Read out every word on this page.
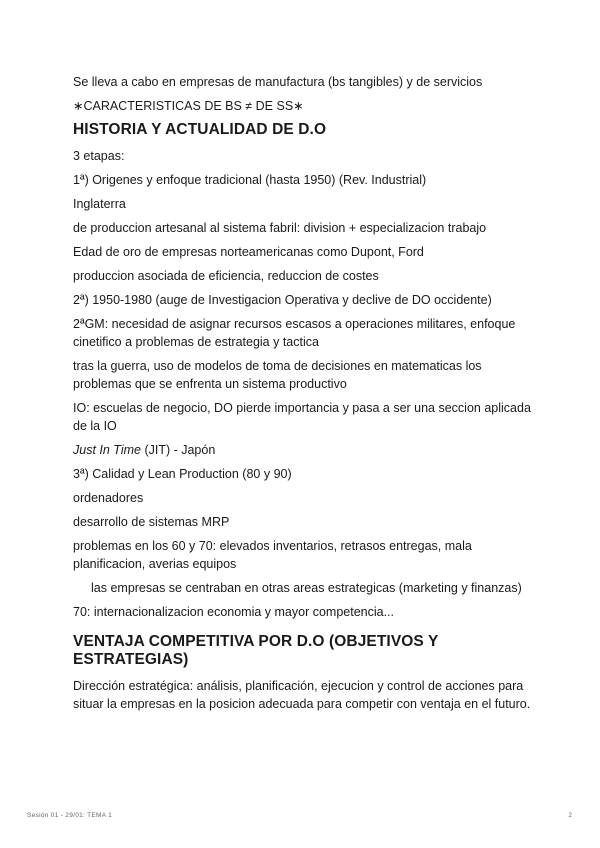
Se lleva a cabo en empresas de manufactura (bs tangibles) y de servicios

∗CARACTERISTICAS DE BS ≠ DE SS∗

HISTORIA Y ACTUALIDAD DE D.O

3 etapas:

1ª) Origenes y enfoque tradicional (hasta 1950) (Rev. Industrial)

Inglaterra

de produccion artesanal al sistema fabril: division + especializacion trabajo

Edad de oro de empresas norteamericanas como Dupont, Ford

produccion asociada de eficiencia, reduccion de costes

2ª) 1950-1980 (auge de Investigacion Operativa y declive de DO occidente)

2ªGM: necesidad de asignar recursos escasos a operaciones militares, enfoque cinetifico a problemas de estrategia y tactica

tras la guerra, uso de modelos de toma de decisiones en matematicas los problemas que se enfrenta un sistema productivo

IO: escuelas de negocio, DO pierde importancia y pasa a ser una seccion aplicada de la IO

Just In Time (JIT) - Japón

3ª) Calidad y Lean Production (80 y 90)

ordenadores

desarrollo de sistemas MRP

problemas en los 60 y 70: elevados inventarios, retrasos entregas, mala planificacion, averias equipos

las empresas se centraban en otras areas estrategicas (marketing y finanzas)

70: internacionalizacion economia y mayor competencia...

VENTAJA COMPETITIVA POR D.O (OBJETIVOS Y ESTRATEGIAS)

Dirección estratégica: análisis, planificación, ejecucion y control de acciones para situar la empresas en la posicion adecuada para competir con ventaja en el futuro.

Sesión 01 - 29/01: TEMA 1	2
